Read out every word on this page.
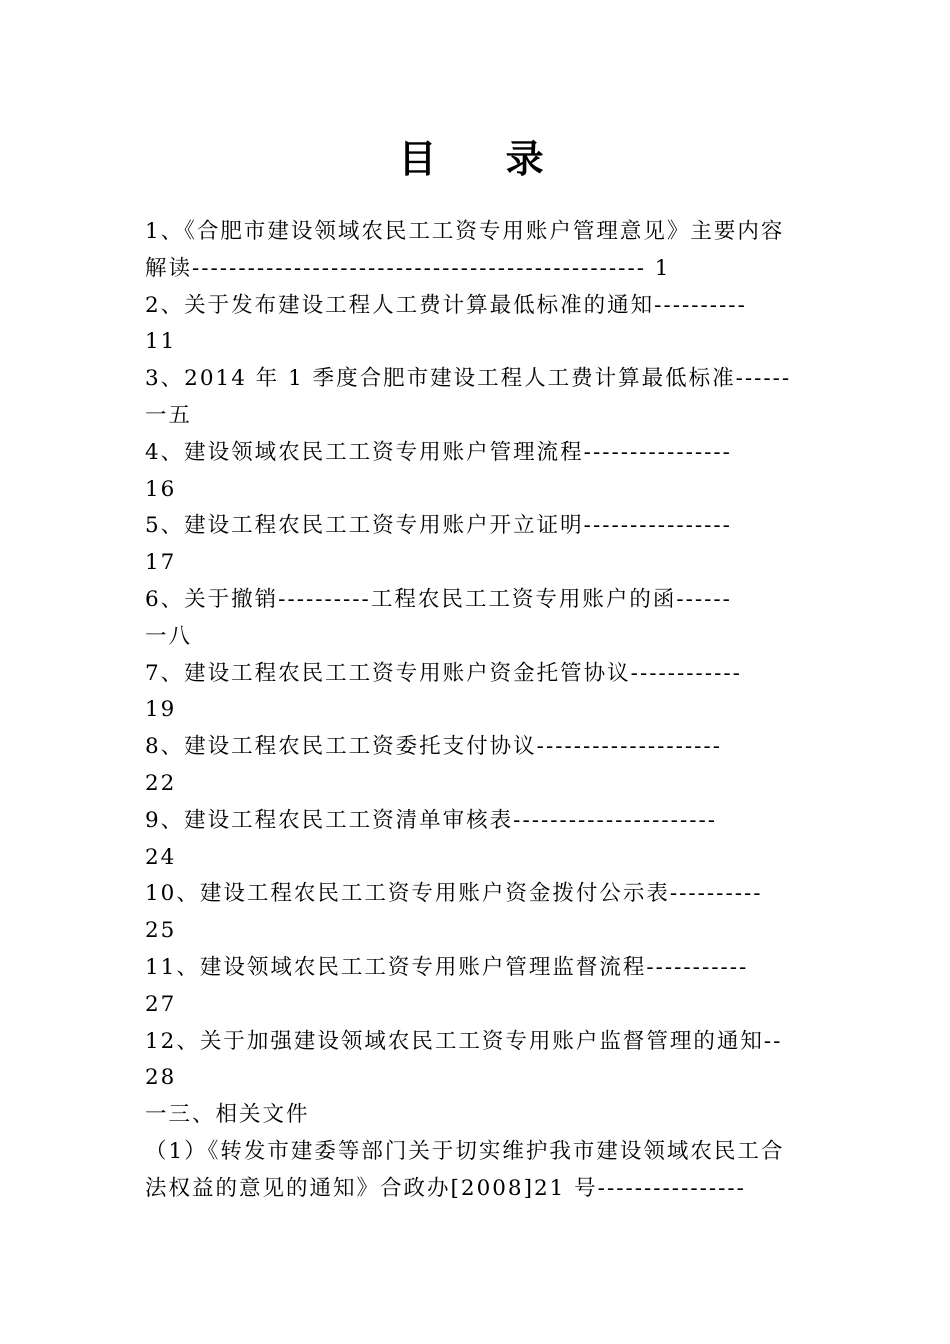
目 录
1、《合肥市建设领域农民工工资专用账户管理意见》主要内容
解读------------------------------------------------- 1
2、关于发布建设工程人工费计算最低标准的通知----------
11
3、2014 年 1 季度合肥市建设工程人工费计算最低标准------
一五
4、建设领域农民工工资专用账户管理流程----------------
16
5、建设工程农民工工资专用账户开立证明----------------
17
6、关于撤销----------工程农民工工资专用账户的函------
一八
7、建设工程农民工工资专用账户资金托管协议------------
19
8、建设工程农民工工资委托支付协议--------------------
22
9、建设工程农民工工资清单审核表----------------------
24
10、建设工程农民工工资专用账户资金拨付公示表----------
25
11、建设领域农民工工资专用账户管理监督流程-----------
27
12、关于加强建设领域农民工工资专用账户监督管理的通知--
28
一三、相关文件
（1）《转发市建委等部门关于切实维护我市建设领域农民工合
法权益的意见的通知》合政办[2008]21 号----------------
